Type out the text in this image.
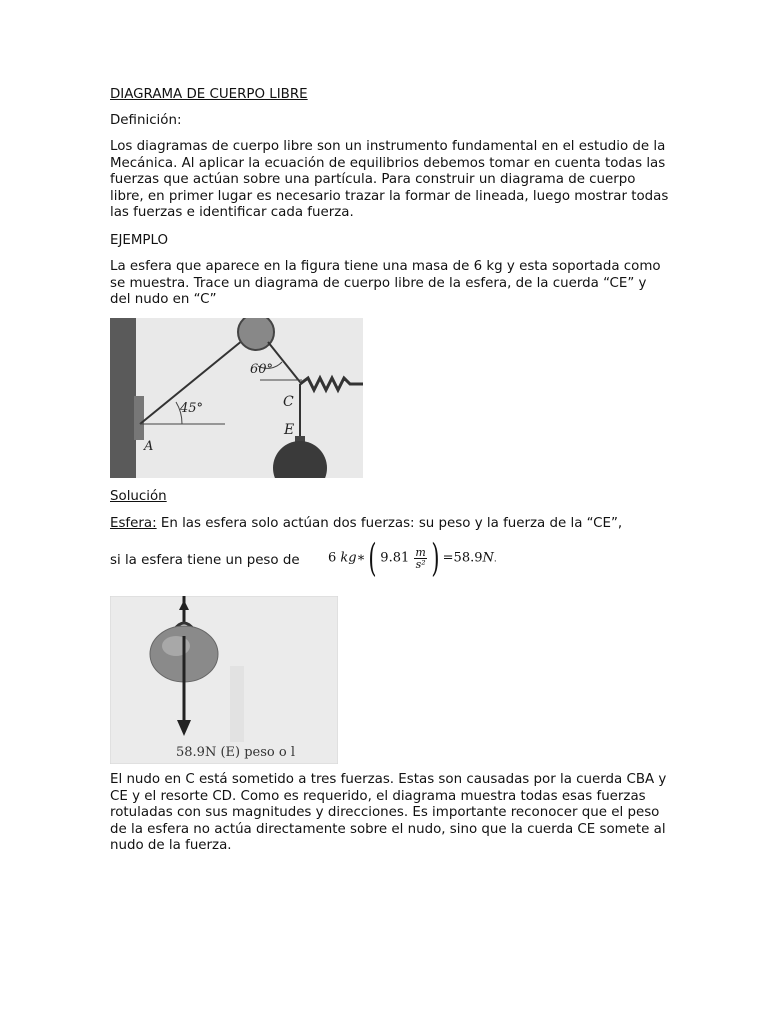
DIAGRAMA DE CUERPO LIBRE
Definición:
Los diagramas de cuerpo libre son un instrumento fundamental en el estudio de la Mecánica. Al aplicar la ecuación de equilibrios debemos tomar en cuenta todas las fuerzas que actúan sobre una partícula. Para construir un diagrama de cuerpo libre, en primer lugar es necesario trazar la formar de lineada, luego mostrar todas las fuerzas e identificar cada fuerza.
EJEMPLO
La esfera que aparece en la figura tiene una masa de 6 kg y esta soportada como se muestra. Trace un diagrama de cuerpo libre de la esfera, de la cuerda “CE” y del nudo en “C”
60°
45°
A
C
E
Solución
Esfera: En las esfera solo actúan dos fuerzas: su peso y la fuerza de la “CE”,
si la esfera tiene un peso de	6 kg∗( $9.81 \frac{m}{\text{s²}}$ ) =58.9N.
58.9N (E) peso o l
El nudo en C está sometido a tres fuerzas. Estas son causadas por la cuerda CBA y CE y el resorte CD. Como es requerido, el diagrama muestra todas esas fuerzas rotuladas con sus magnitudes y direcciones. Es importante reconocer que el peso de la esfera no actúa directamente sobre el nudo, sino que la cuerda CE somete al nudo de la fuerza.
